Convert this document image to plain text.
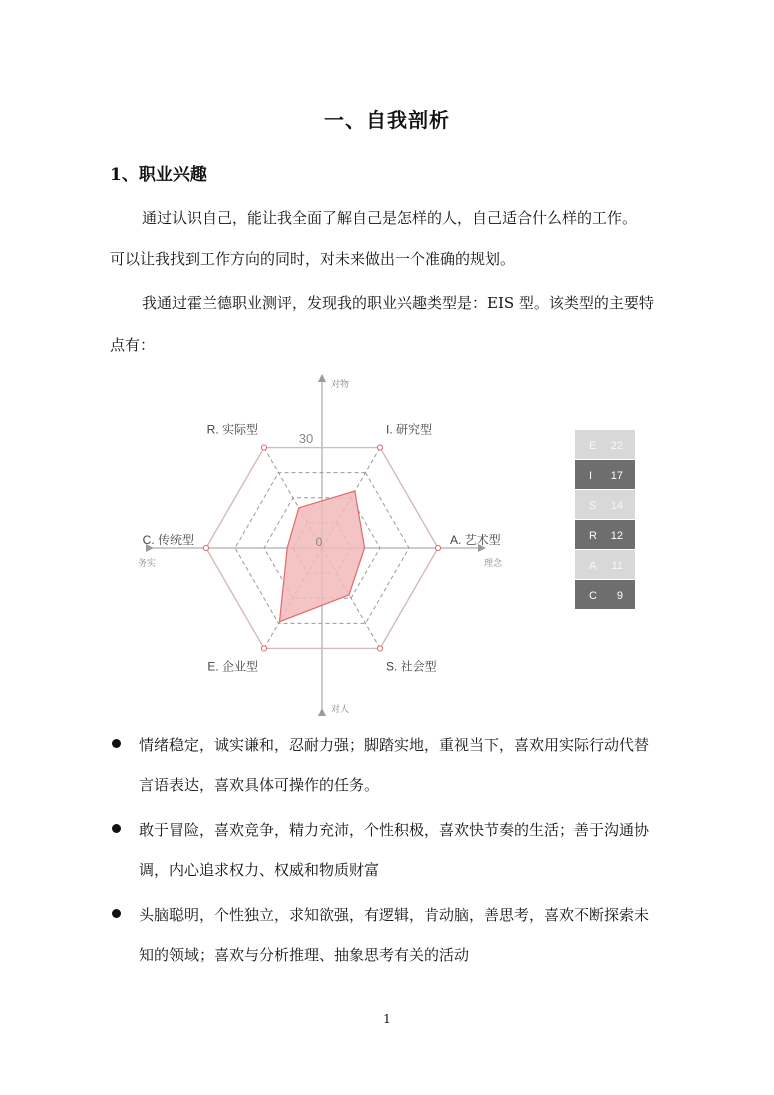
一、自我剖析
1、职业兴趣
通过认识自己，能让我全面了解自己是怎样的人，自己适合什么样的工作。
可以让我找到工作方向的同时，对未来做出一个准确的规划。
我通过霍兰德职业测评，发现我的职业兴趣类型是：EIS 型。该类型的主要特
点有：
I. 研究型
A. 艺术型
S. 社会型
E. 企业型
C. 传统型
R. 实际型
30
0
对物
对人
务实	理念
E 22
I 17
S 14
R 12
A 11
C 9
情绪稳定，诚实谦和，忍耐力强；脚踏实地，重视当下，喜欢用实际行动代替
言语表达，喜欢具体可操作的任务。
敢于冒险，喜欢竞争，精力充沛，个性积极，喜欢快节奏的生活；善于沟通协
调，内心追求权力、权威和物质财富
头脑聪明，个性独立，求知欲强，有逻辑，肯动脑，善思考，喜欢不断探索未
知的领域；喜欢与分析推理、抽象思考有关的活动
1
